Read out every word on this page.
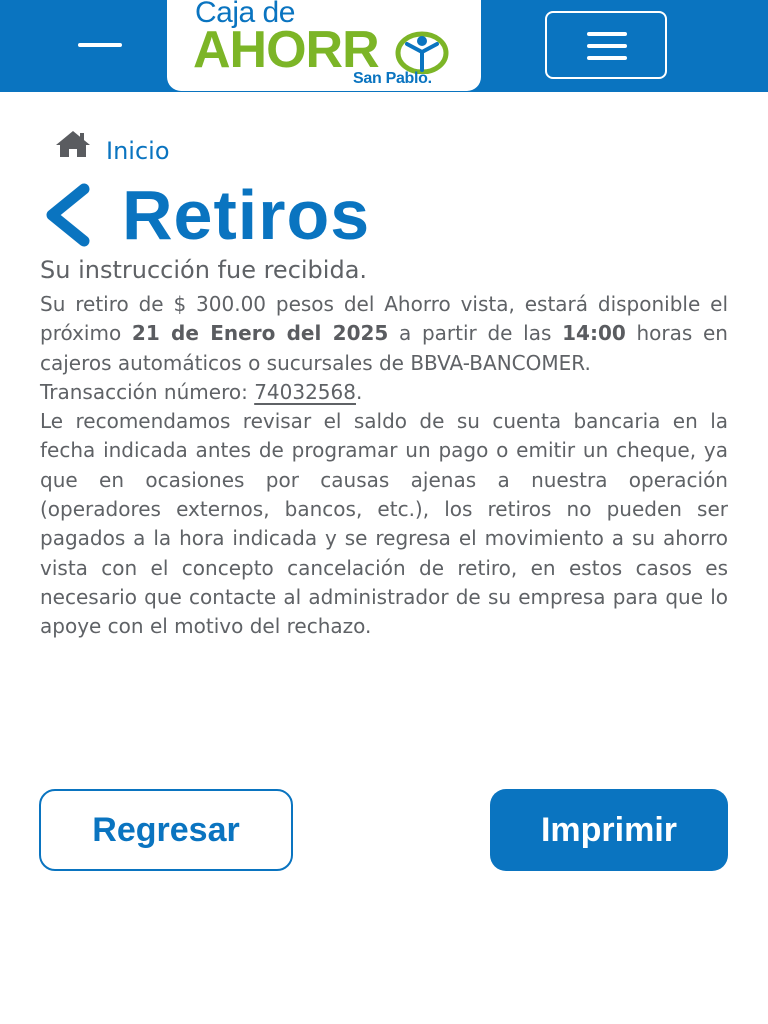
Caja de
AHORR
San Pablo.
Inicio
Retiros
Su instrucción fue recibida.

Su retiro de $ 300.00 pesos del Ahorro vista, estará disponible el próximo 21 de Enero del 2025 a partir de las 14:00 horas en cajeros automáticos o sucursales de BBVA-BANCOMER.

Transacción número: 74032568.

Le recomendamos revisar el saldo de su cuenta bancaria en la fecha indicada antes de programar un pago o emitir un cheque, ya que en ocasiones por causas ajenas a nuestra operación (operadores externos, bancos, etc.), los retiros no pueden ser pagados a la hora indicada y se regresa el movimiento a su ahorro vista con el concepto cancelación de retiro, en estos casos es necesario que contacte al administrador de su empresa para que lo apoye con el motivo del rechazo.

Regresar	Imprimir
